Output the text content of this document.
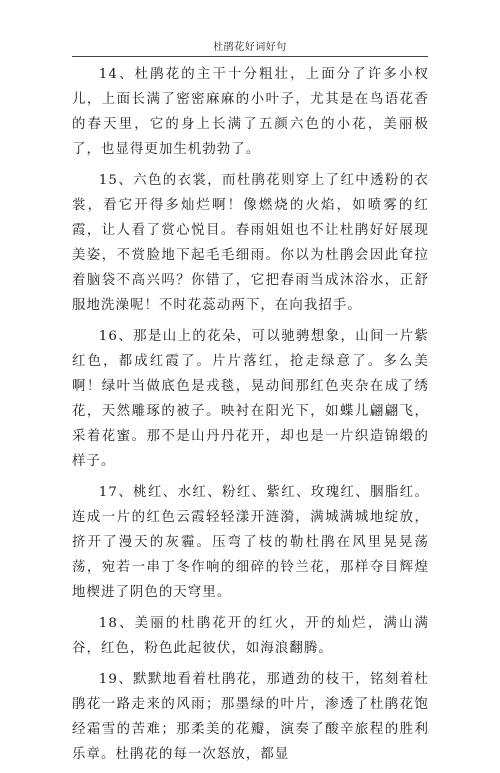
杜鹃花好词好句

14、杜鹃花的主干十分粗壮，上面分了许多小杈儿，上面长满了密密麻麻的小叶子，尤其是在鸟语花香的春天里，它的身上长满了五颜六色的小花，美丽极了，也显得更加生机勃勃了。

15、六色的衣裳，而杜鹃花则穿上了红中透粉的衣裳，看它开得多灿烂啊！像燃烧的火焰，如喷雾的红霞，让人看了赏心悦目。春雨姐姐也不让杜鹃好好展现美姿，不赏脸地下起毛毛细雨。你以为杜鹃会因此耷拉着脑袋不高兴吗？你错了，它把春雨当成沐浴水，正舒服地洗澡呢！不时花蕊动两下，在向我招手。

16、那是山上的花朵，可以驰骋想象，山间一片紫红色，都成红霞了。片片落红，抢走绿意了。多么美啊！绿叶当做底色是戎毯，晃动间那红色夹杂在成了绣花，天然雕琢的被子。映衬在阳光下，如蝶儿翩翩飞，采着花蜜。那不是山丹丹花开，却也是一片织造锦缎的样子。

17、桃红、水红、粉红、紫红、玫瑰红、胭脂红。连成一片的红色云霞轻轻漾开涟漪，满城满城地绽放，挤开了漫天的灰霾。压弯了枝的勒杜鹃在风里晃晃荡荡，宛若一串丁冬作响的细碎的铃兰花，那样夺目辉煌地楔进了阴色的天穹里。

18、美丽的杜鹃花开的红火，开的灿烂，满山满谷，红色，粉色此起彼伏，如海浪翻腾。

19、默默地看着杜鹃花，那遒劲的枝干，铭刻着杜鹃花一路走来的风雨；那墨绿的叶片，渗透了杜鹃花饱经霜雪的苦难；那柔美的花瓣，演奏了酸辛旅程的胜利乐章。杜鹃花的每一次怒放，都显
